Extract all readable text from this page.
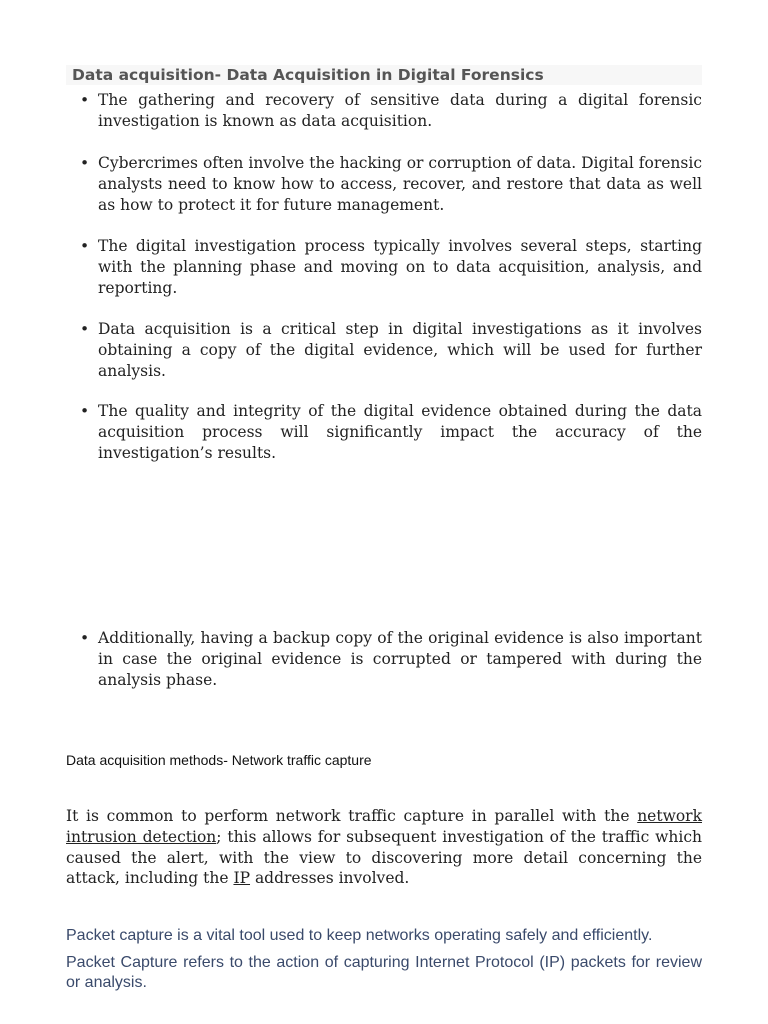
Data acquisition- Data Acquisition in Digital Forensics
• The gathering and recovery of sensitive data during a digital forensic investigation is known as data acquisition.
• Cybercrimes often involve the hacking or corruption of data. Digital forensic analysts need to know how to access, recover, and restore that data as well as how to protect it for future management.
• The digital investigation process typically involves several steps, starting with the planning phase and moving on to data acquisition, analysis, and reporting.
• Data acquisition is a critical step in digital investigations as it involves obtaining a copy of the digital evidence, which will be used for further analysis.
• The quality and integrity of the digital evidence obtained during the data acquisition process will significantly impact the accuracy of the investigation’s results.
• Additionally, having a backup copy of the original evidence is also important in case the original evidence is corrupted or tampered with during the analysis phase.
Data acquisition methods- Network traffic capture

It is common to perform network traffic capture in parallel with the network intrusion detection; this allows for subsequent investigation of the traffic which caused the alert, with the view to discovering more detail concerning the attack, including the IP addresses involved.

Packet capture is a vital tool used to keep networks operating safely and efficiently.

Packet Capture refers to the action of capturing Internet Protocol (IP) packets for review or analysis.
